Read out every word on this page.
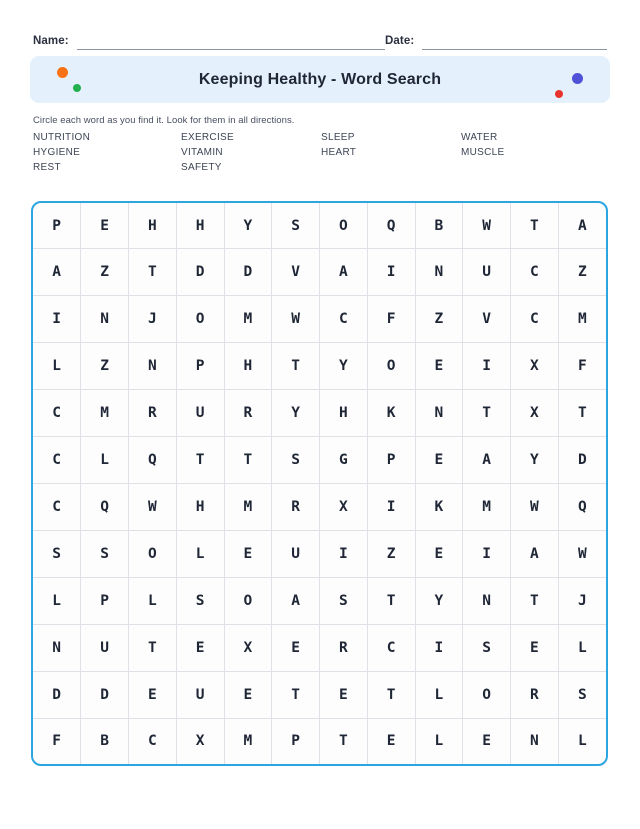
Name:	Date:
Keeping Healthy - Word Search
Circle each word as you find it. Look for them in all directions.
NUTRITION	EXERCISE	SLEEP	WATER
HYGIENE	VITAMIN	HEART	MUSCLE
REST	SAFETY
P	E	H	H	Y	S	O	Q	B	W	T	A
A	Z	T	D	D	V	A	I	N	U	C	Z
I	N	J	O	M	W	C	F	Z	V	C	M
L	Z	N	P	H	T	Y	O	E	I	X	F
C	M	R	U	R	Y	H	K	N	T	X	T
C	L	Q	T	T	S	G	P	E	A	Y	D
C	Q	W	H	M	R	X	I	K	M	W	Q
S	S	O	L	E	U	I	Z	E	I	A	W
L	P	L	S	O	A	S	T	Y	N	T	J
N	U	T	E	X	E	R	C	I	S	E	L
D	D	E	U	E	T	E	T	L	O	R	S
F	B	C	X	M	P	T	E	L	E	N	L
